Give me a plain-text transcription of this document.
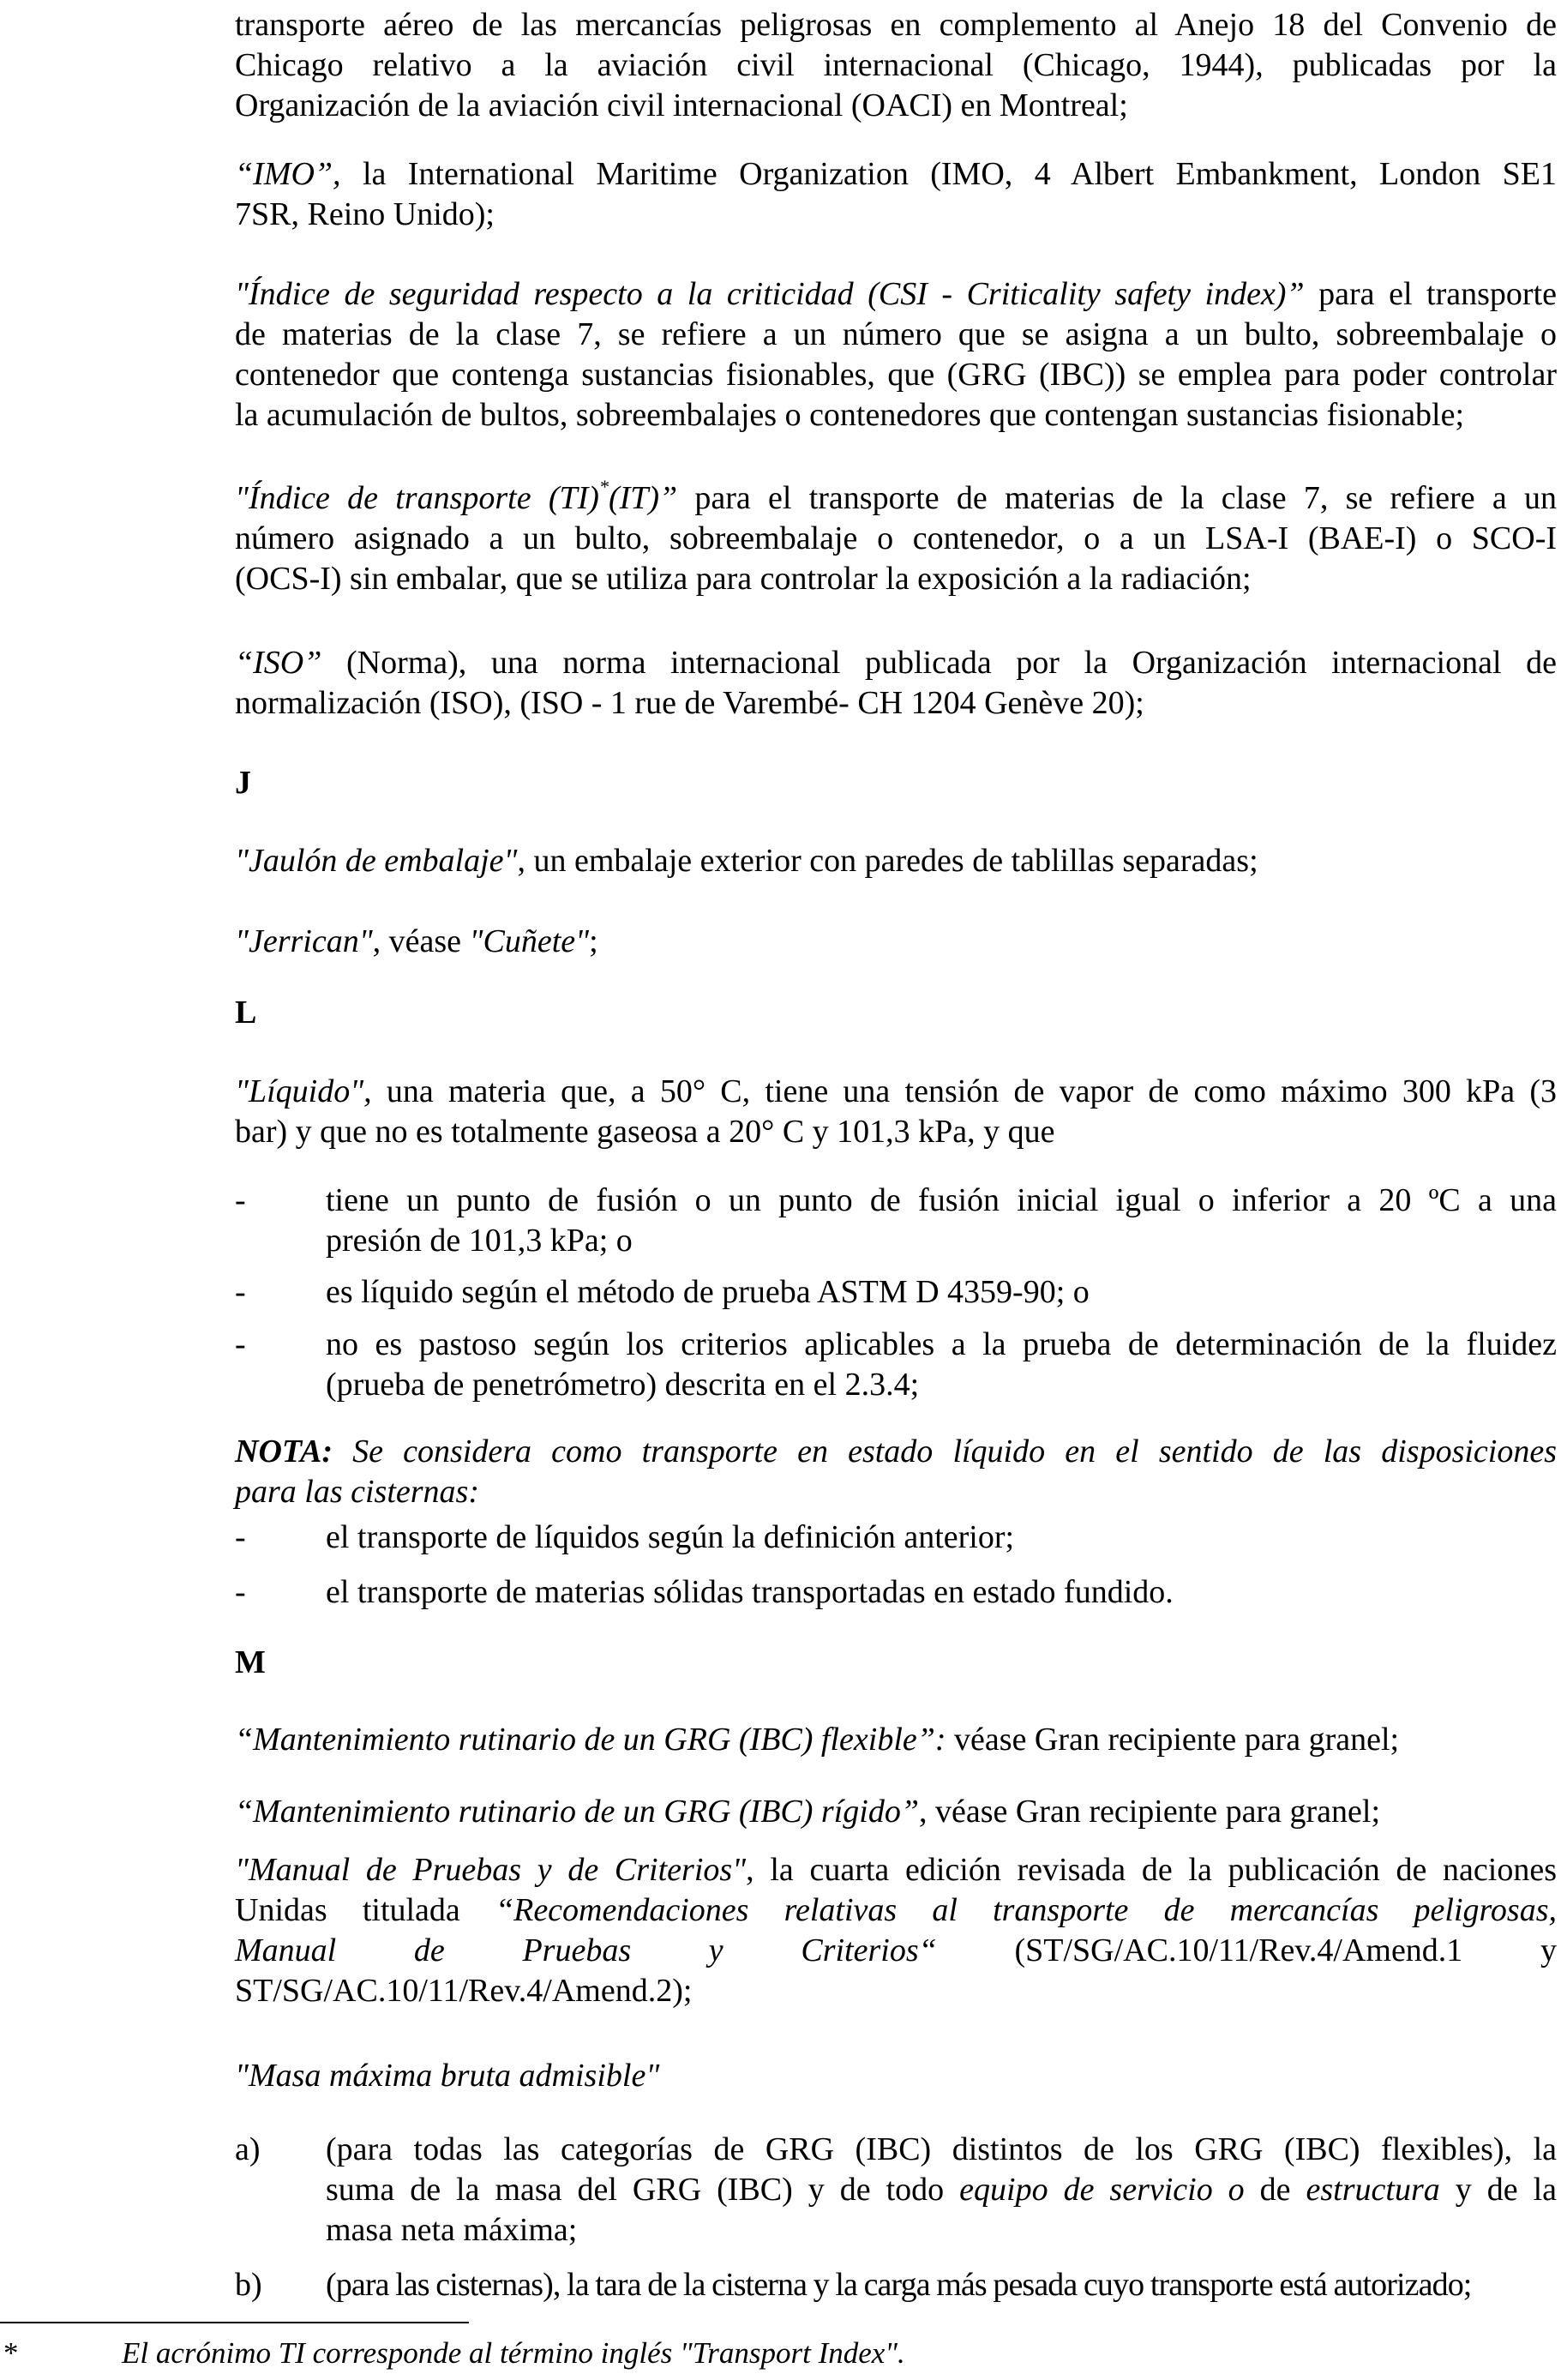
transporte aéreo de las mercancías peligrosas en complemento al Anejo 18 del Convenio de
Chicago relativo a la aviación civil internacional (Chicago, 1944), publicadas por la
Organización de la aviación civil internacional (OACI) en Montreal;
“IMO”, la International Maritime Organization (IMO, 4 Albert Embankment, London SE1
7SR, Reino Unido);
"Índice de seguridad respecto a la criticidad (CSI - Criticality safety index)” para el transporte
de materias de la clase 7, se refiere a un número que se asigna a un bulto, sobreembalaje o
contenedor que contenga sustancias fisionables, que (GRG (IBC)) se emplea para poder controlar
la acumulación de bultos, sobreembalajes o contenedores que contengan sustancias fisionable;
"Índice de transporte (TI)*(IT)” para el transporte de materias de la clase 7, se refiere a un
número asignado a un bulto, sobreembalaje o contenedor, o a un LSA-I (BAE-I) o SCO-I
(OCS-I) sin embalar, que se utiliza para controlar la exposición a la radiación;
“ISO” (Norma), una norma internacional publicada por la Organización internacional de
normalización (ISO), (ISO - 1 rue de Varembé- CH 1204 Genève 20);
J
"Jaulón de embalaje", un embalaje exterior con paredes de tablillas separadas;
"Jerrican", véase "Cuñete";
L
"Líquido", una materia que, a 50° C, tiene una tensión de vapor de como máximo 300 kPa (3
bar) y que no es totalmente gaseosa a 20° C y 101,3 kPa, y que
-	tiene un punto de fusión o un punto de fusión inicial igual o inferior a 20 ºC a una
presión de 101,3 kPa; o
-	es líquido según el método de prueba ASTM D 4359-90; o
-	no es pastoso según los criterios aplicables a la prueba de determinación de la fluidez
(prueba de penetrómetro) descrita en el 2.3.4;
NOTA: Se considera como transporte en estado líquido en el sentido de las disposiciones
para las cisternas:
-	el transporte de líquidos según la definición anterior;
-	el transporte de materias sólidas transportadas en estado fundido.
M
“Mantenimiento rutinario de un GRG (IBC) flexible”: véase Gran recipiente para granel;
“Mantenimiento rutinario de un GRG (IBC) rígido”, véase Gran recipiente para granel;
"Manual de Pruebas y de Criterios", la cuarta edición revisada de la publicación de naciones
Unidas titulada “Recomendaciones relativas al transporte de mercancías peligrosas,
Manual de Pruebas y Criterios“ (ST/SG/AC.10/11/Rev.4/Amend.1 y
ST/SG/AC.10/11/Rev.4/Amend.2);
"Masa máxima bruta admisible"
a)	(para todas las categorías de GRG (IBC) distintos de los GRG (IBC) flexibles), la
suma de la masa del GRG (IBC) y de todo equipo de servicio o de estructura y de la
masa neta máxima;
b)	(para las cisternas), la tara de la cisterna y la carga más pesada cuyo transporte está autorizado;
*	El acrónimo TI corresponde al término inglés "Transport Index".
